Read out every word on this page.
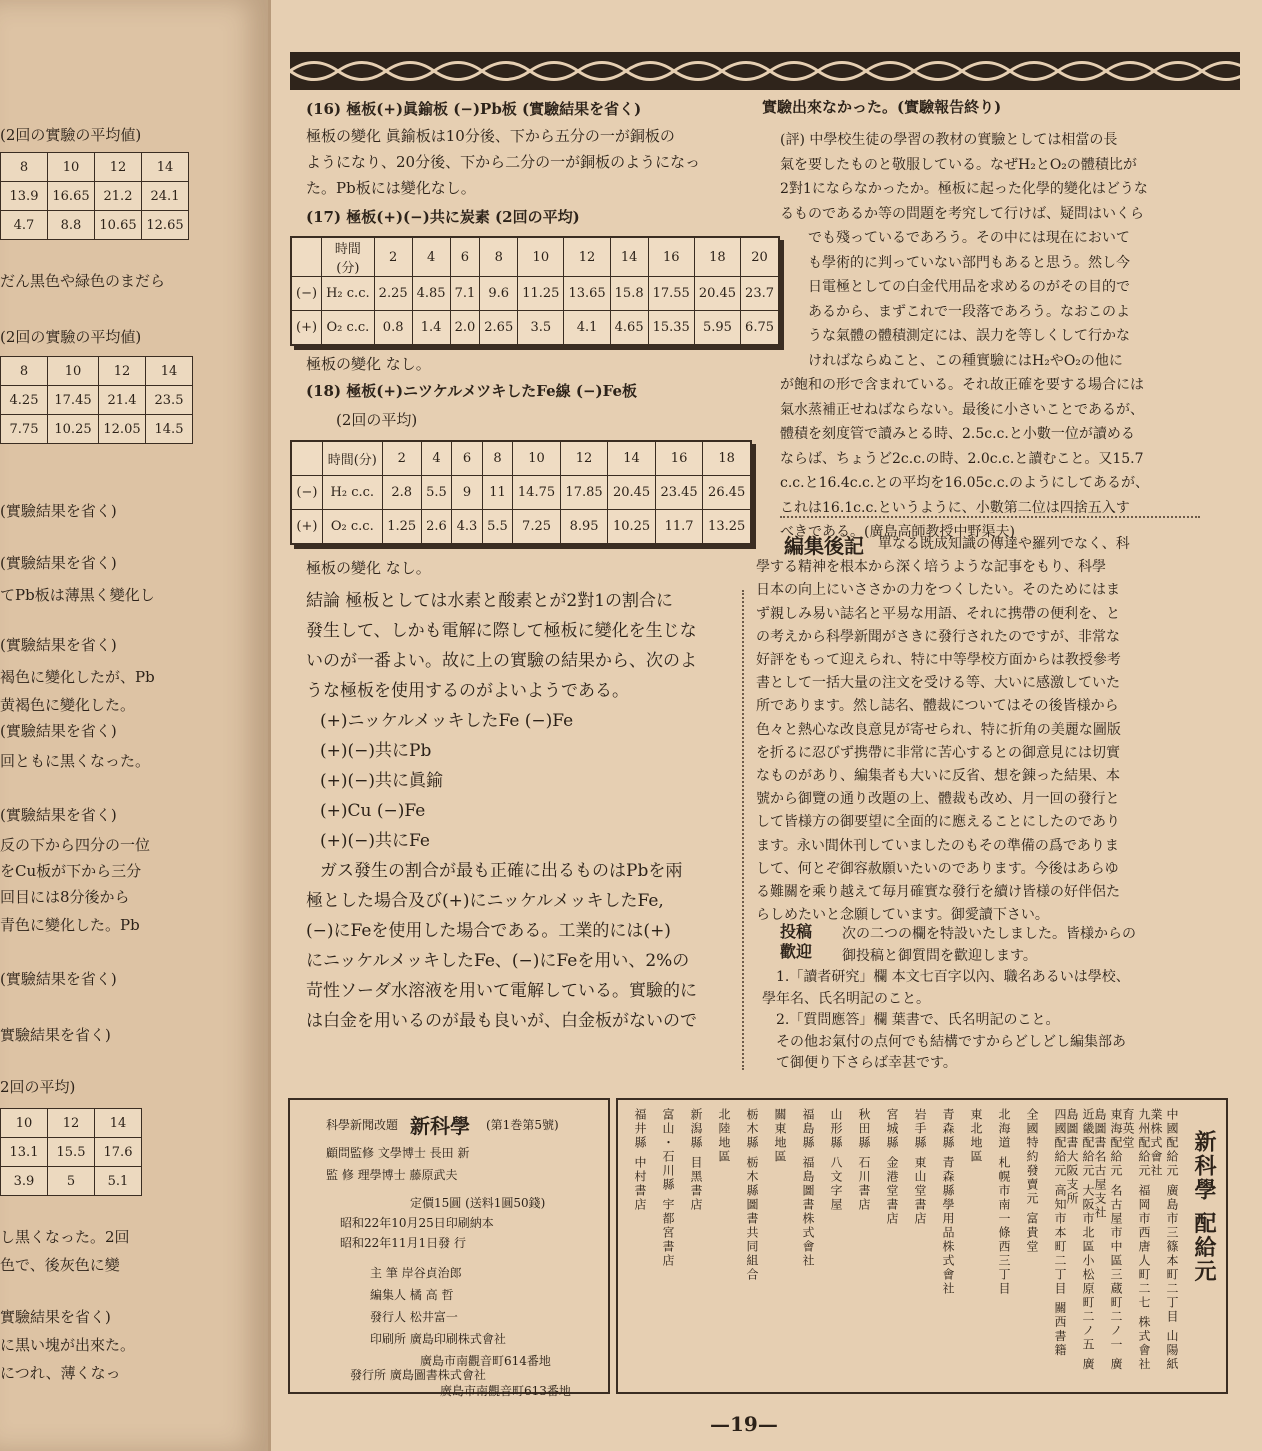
(2回の實驗の平均値)
だん黒色や緑色のまだら
(2回の實驗の平均値)
(實驗結果を省く)
(實驗結果を省く)
てPb板は薄黒く變化し
(實驗結果を省く)
褐色に變化したが、Pb
黄褐色に變化した。
(實驗結果を省く)
回ともに黒くなった。
(實驗結果を省く)
反の下から四分の一位
をCu板が下から三分
回目には8分後から
青色に變化した。Pb
(實驗結果を省く)
實驗結果を省く)
2回の平均)
し黒くなった。2回
色で、後灰色に變
實驗結果を省く)
に黒い塊が出來た。
につれ、薄くなっ
8	10	12	14
13.9	16.65	21.2	24.1
4.7	8.8	10.65	12.65
8	10	12	14
4.25	17.45	21.4	23.5
7.75	10.25	12.05	14.5
10	12	14
13.1	15.5	17.6
3.9	5	5.1
(16) 極板(+)眞鍮板 (−)Pb板 (實驗結果を省く)
極板の變化 眞鍮板は10分後、下から五分の一が銅板の
ようになり、20分後、下から二分の一が銅板のようになっ
た。Pb板には變化なし。
(17) 極板(+)(−)共に炭素 (2回の平均)
	時間(分)	2	4	6	8	10	12	14	16	18	20
(−)	H₂ c.c.	2.25	4.85	7.1	9.6	11.25	13.65	15.8	17.55	20.45	23.7
(+)	O₂ c.c.	0.8	1.4	2.0	2.65	3.5	4.1	4.65	15.35	5.95	6.75
極板の變化 なし。
(18) 極板(+)ニツケルメツキしたFe線 (−)Fe板
(2回の平均)
	時間(分)	2	4	6	8	10	12	14	16	18
(−)	H₂ c.c.	2.8	5.5	9	11	14.75	17.85	20.45	23.45	26.45
(+)	O₂ c.c.	1.25	2.6	4.3	5.5	7.25	8.95	10.25	11.7	13.25
極板の變化 なし。
結論 極板としては水素と酸素とが2對1の割合に
發生して、しかも電解に際して極板に變化を生じな
いのが一番よい。故に上の實驗の結果から、次のよ
うな極板を使用するのがよいようである。
(+)ニッケルメッキしたFe (−)Fe
(+)(−)共にPb
(+)(−)共に眞鍮
(+)Cu (−)Fe
(+)(−)共にFe
ガス發生の割合が最も正確に出るものはPbを兩
極とした場合及び(+)にニッケルメッキしたFe,
(−)にFeを使用した場合である。工業的には(+)
にニッケルメッキしたFe、(−)にFeを用い、2%の
苛性ソーダ水溶液を用いて電解している。實驗的に
は白金を用いるのが最も良いが、白金板がないので
實驗出來なかった。(實驗報告終り)
(評) 中學校生徒の學習の教材の實驗としては相當の長
氣を要したものと敬服している。なぜH₂とO₂の體積比が
2對1にならなかったか。極板に起った化學的變化はどうな
るものであるか等の問題を考究して行けば、疑問はいくら
でも殘っているであろう。その中には現在において
も學術的に判っていない部門もあると思う。然し今
日電極としての白金代用品を求めるのがその目的で
あるから、まずこれで一段落であろう。なおこのよ
うな氣體の體積測定には、誤力を等しくして行かな
ければならぬこと、この種實驗にはH₂やO₂の他に
が飽和の形で含まれている。それ故正確を要する場合には
氣水蒸補正せねばならない。最後に小さいことであるが、
體積を刻度管で讀みとる時、2.5c.c.と小數一位が讀める
ならば、ちょうど2c.c.の時、2.0c.c.と讀むこと。又15.7
c.c.と16.4c.c.との平均を16.05c.c.のようにしてあるが、
これは16.1c.c.というように、小數第二位は四捨五入す
べきである。(廣島高師教授中野渠夫)
編集後記 單なる既成知識の傳達や羅列でなく、科
學する精神を根本から深く培うような記事をもり、科學
日本の向上にいささかの力をつくしたい。そのためにはま
ず親しみ易い誌名と平易な用語、それに携帶の便利を、と
の考えから科學新聞がさきに發行されたのですが、非常な
好評をもって迎えられ、特に中等學校方面からは教授參考
書として一括大量の注文を受ける等、大いに感激していた
所であります。然し誌名、體裁についてはその後皆様から
色々と熱心な改良意見が寄せられ、特に折角の美麗な圖版
を折るに忍びず携帶に非常に苦心するとの御意見には切實
なものがあり、編集者も大いに反省、想を錬った結果、本
號から御覽の通り改題の上、體裁も改め、月一回の發行と
して皆様方の御要望に全面的に應えることにしたのであり
ます。永い間休刊していましたのもその準備の爲でありま
して、何とぞ御容赦願いたいのであります。今後はあらゆ
る難關を乘り越えて毎月確實な發行を續け皆様の好伴侶た
らしめたいと念願しています。御愛讀下さい。
投稿 歡迎
次の二つの欄を特設いたしました。皆様からの
御投稿と御質問を歡迎します。
1.「讀者研究」欄 本文七百字以內、職名あるいは學校、
學年名、氏名明記のこと。
2.「質問應答」欄 葉書で、氏名明記のこと。
その他お氣付の点何でも結構ですからどしどし編集部あ
て御便り下さらば幸甚です。
科學新聞改題 新科學 (第1巻第5號)
顧問監修 文學博士 長田 新
監 修 理學博士 藤原武夫
定價15圓 (送料1圓50錢)
昭和22年10月25日印刷納本
昭和22年11月1日發 行
主 筆 岸谷貞治郎
編集人 橘 高 哲
發行人 松井富一
印刷所 廣島印刷株式會社
廣島市南觀音町614番地
發行所 廣島圖書株式會社
廣島市南觀音町613番地
新科學 配給元
中國配給元 廣島市三篠本町二丁目 山陽紙業株式會社
九州配給元 福岡市西唐人町二七 株式會社 育英堂
東海配給元 名古屋市中區三蔵町二ノ一 廣島圖書名古屋支社
近畿配給元 大阪市北區小松原町二ノ五 廣島圖書大阪支所
四國配給元 高知市本町二丁目 關西書籍
全國特約發賣元 富貴堂
北海道 札幌市南一條西三丁目
東北地區
青森縣 青森縣學用品株式會社
岩手縣 東山堂書店
宮城縣 金港堂書店
秋田縣 石川書店
山形縣 八文字屋
福島縣 福島圖書株式會社
關東地區
栃木縣 栃木縣圖書共同組合
北陸地區
新潟縣 目黑書店
富山・石川縣 宇都宮書店
福井縣 中村書店
—19—
